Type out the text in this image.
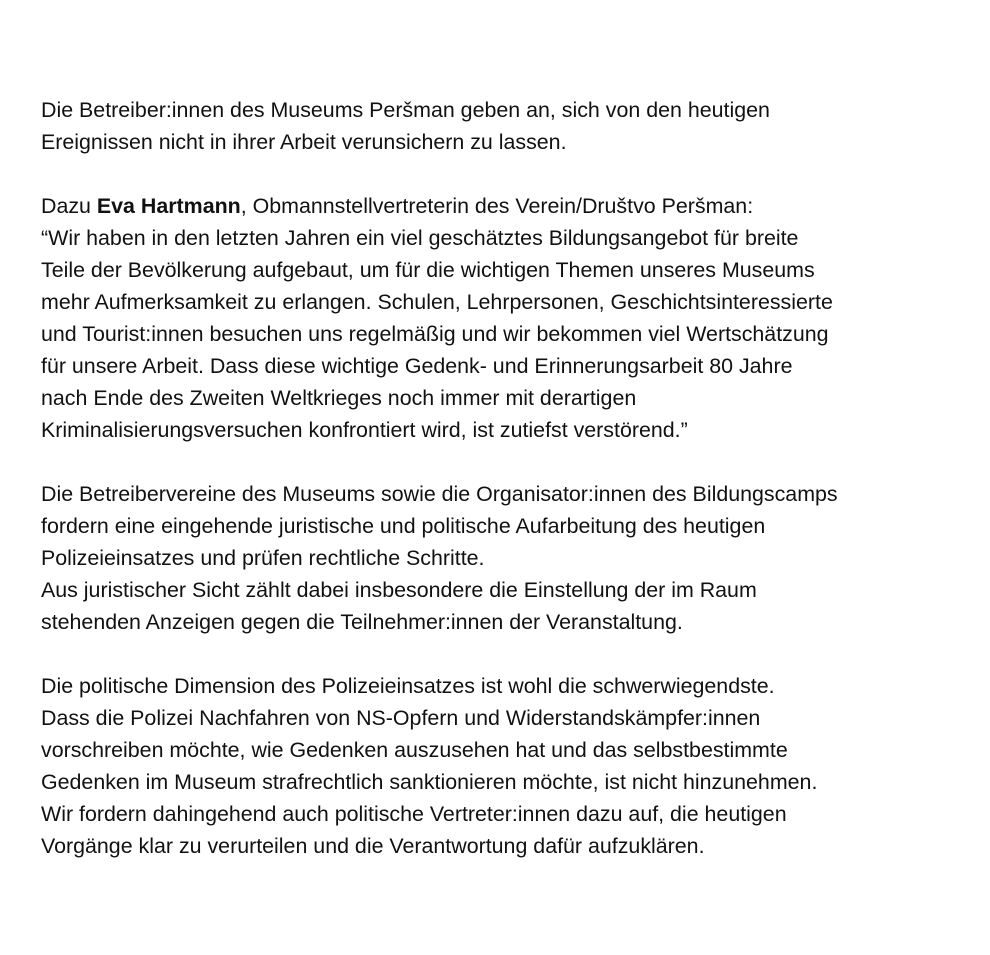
Die Betreiber:innen des Museums Peršman geben an, sich von den heutigen
Ereignissen nicht in ihrer Arbeit verunsichern zu lassen.
Dazu Eva Hartmann, Obmannstellvertreterin des Verein/Društvo Peršman:
“Wir haben in den letzten Jahren ein viel geschätztes Bildungsangebot für breite
Teile der Bevölkerung aufgebaut, um für die wichtigen Themen unseres Museums
mehr Aufmerksamkeit zu erlangen. Schulen, Lehrpersonen, Geschichtsinteressierte
und Tourist:innen besuchen uns regelmäßig und wir bekommen viel Wertschätzung
für unsere Arbeit. Dass diese wichtige Gedenk- und Erinnerungsarbeit 80 Jahre
nach Ende des Zweiten Weltkrieges noch immer mit derartigen
Kriminalisierungsversuchen konfrontiert wird, ist zutiefst verstörend.”
Die Betreibervereine des Museums sowie die Organisator:innen des Bildungscamps
fordern eine eingehende juristische und politische Aufarbeitung des heutigen
Polizeieinsatzes und prüfen rechtliche Schritte.
Aus juristischer Sicht zählt dabei insbesondere die Einstellung der im Raum
stehenden Anzeigen gegen die Teilnehmer:innen der Veranstaltung.
Die politische Dimension des Polizeieinsatzes ist wohl die schwerwiegendste.
Dass die Polizei Nachfahren von NS-Opfern und Widerstandskämpfer:innen
vorschreiben möchte, wie Gedenken auszusehen hat und das selbstbestimmte
Gedenken im Museum strafrechtlich sanktionieren möchte, ist nicht hinzunehmen.
Wir fordern dahingehend auch politische Vertreter:innen dazu auf, die heutigen
Vorgänge klar zu verurteilen und die Verantwortung dafür aufzuklären.
